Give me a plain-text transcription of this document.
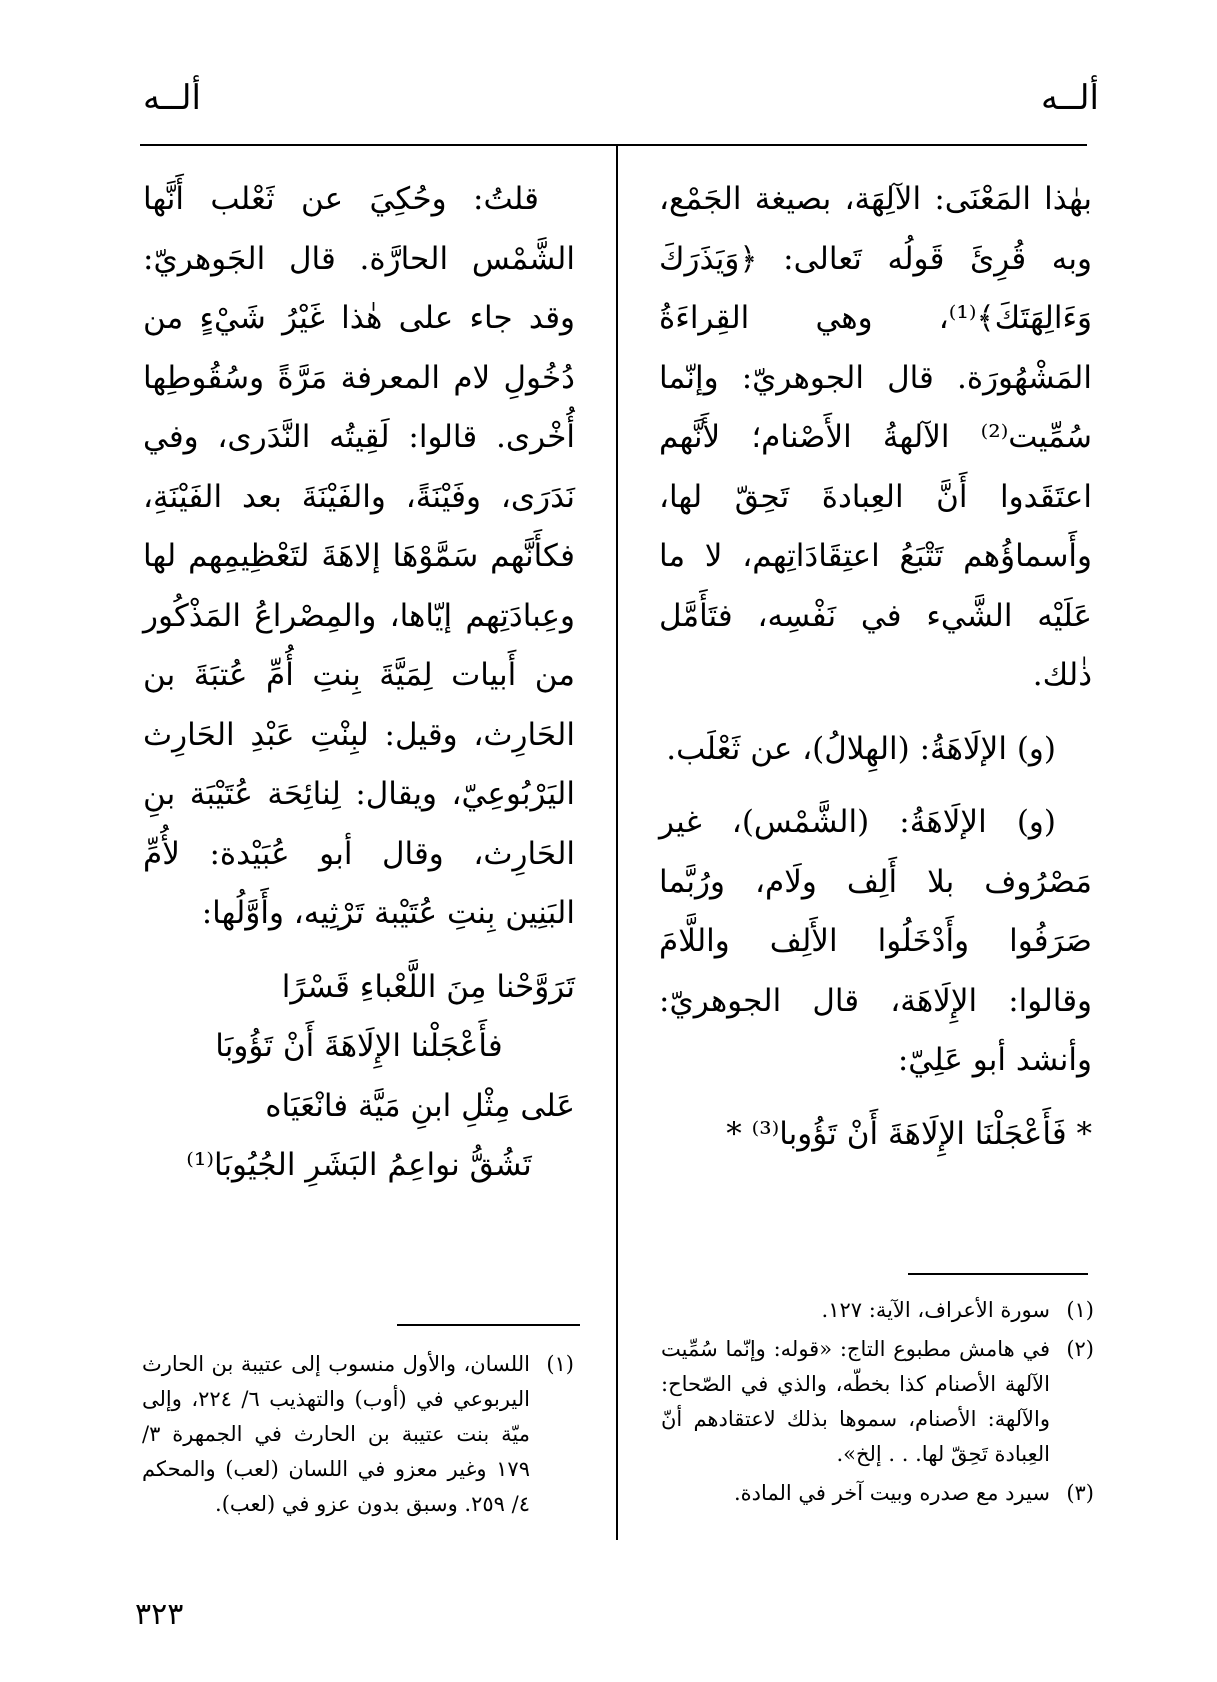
ألــه
ألــه

بهٰذا المَعْنَى: الآلِهَة، بصيغة الجَمْع، وبه قُرِئَ قَولُه تَعالى: ﴿وَيَذَرَكَ وَءَالِهَتَكَ﴾⁽¹⁾، وهي القِراءَةُ المَشْهُورَة. قال الجوهريّ: وإنّما سُمِّيت⁽²⁾ الآلهةُ الأَصْنام؛ لأَنَّهم اعتَقَدوا أَنَّ العِبادةَ تَحِقّ لها، وأَسماؤُهم تَتْبَعُ اعتِقَادَاتِهم، لا ما عَلَيْه الشَّيء في نَفْسِه، فتَأَمَّل ذٰلك.

(و) الإلَاهَةُ: (الهِلالُ)، عن ثَعْلَب.

(و) الإلَاهَةُ: (الشَّمْس)، غير مَصْرُوف بلا أَلِف ولَام، ورُبَّما صَرَفُوا وأَدْخَلُوا الأَلِف واللَّامَ وقالوا: الإِلَاهَة، قال الجوهريّ: وأنشد أبو عَلِيّ:

* فَأَعْجَلْنَا الإِلَاهَةَ أَنْ تَؤُوبا⁽³⁾ *

قلتُ: وحُكِيَ عن ثَعْلب أَنَّها الشَّمْس الحارَّة. قال الجَوهريّ: وقد جاء على هٰذا غَيْرُ شَيْءٍ من دُخُولِ لام المعرفة مَرَّةً وسُقُوطِها أُخْرى. قالوا: لَقِيتُه النَّدَرى، وفي نَدَرَى، وفَيْنَةً، والفَيْنَةَ بعد الفَيْنَةِ، فكأَنَّهم سَمَّوْهَا إلاهَةَ لتَعْظِيمِهم لها وعِبادَتِهم إيّاها، والمِصْراعُ المَذْكُور من أَبيات لِمَيَّةَ بِنتِ أُمِّ عُتبَةَ بن الحَارِث، وقيل: لبِنْتِ عَبْدِ الحَارِث اليَرْبُوعِيّ، ويقال: لِنائِحَة عُتَيْبَة بنِ الحَارِث، وقال أبو عُبَيْدة: لأُمِّ البَنِين بِنتِ عُتَيْبة تَرْثِيه، وأَوَّلُها:

تَرَوَّحْنا مِنَ اللَّعْباءِ قَسْرًا

فأَعْجَلْنا الإِلَاهَةَ أَنْ تَؤُوبَا

عَلى مِثْلِ ابنِ مَيَّة فانْعَيَاه

تَشُقُّ نواعِمُ البَشَرِ الجُيُوبَا⁽¹⁾

(١)
سورة الأعراف، الآية: ١٢٧.
(٢)
في هامش مطبوع التاج: «قوله: وإنّما سُمِّيت الآلهة الأصنام كذا بخطّه، والذي في الصّحاح: والآلهة: الأصنام، سموها بذلك لاعتقادهم أنّ العِبادة تَحِقّ لها. . . إلخ».
(٣)
سيرد مع صدره وبيت آخر في المادة.
(١)
اللسان، والأول منسوب إلى عتيبة بن الحارث اليربوعي في (أوب) والتهذيب ٦/ ٢٢٤، وإلى ميّة بنت عتيبة بن الحارث في الجمهرة ٣/ ١٧٩ وغير معزو في اللسان (لعب) والمحكم ٤/ ٢٥٩. وسبق بدون عزو في (لعب).
٣٢٣
